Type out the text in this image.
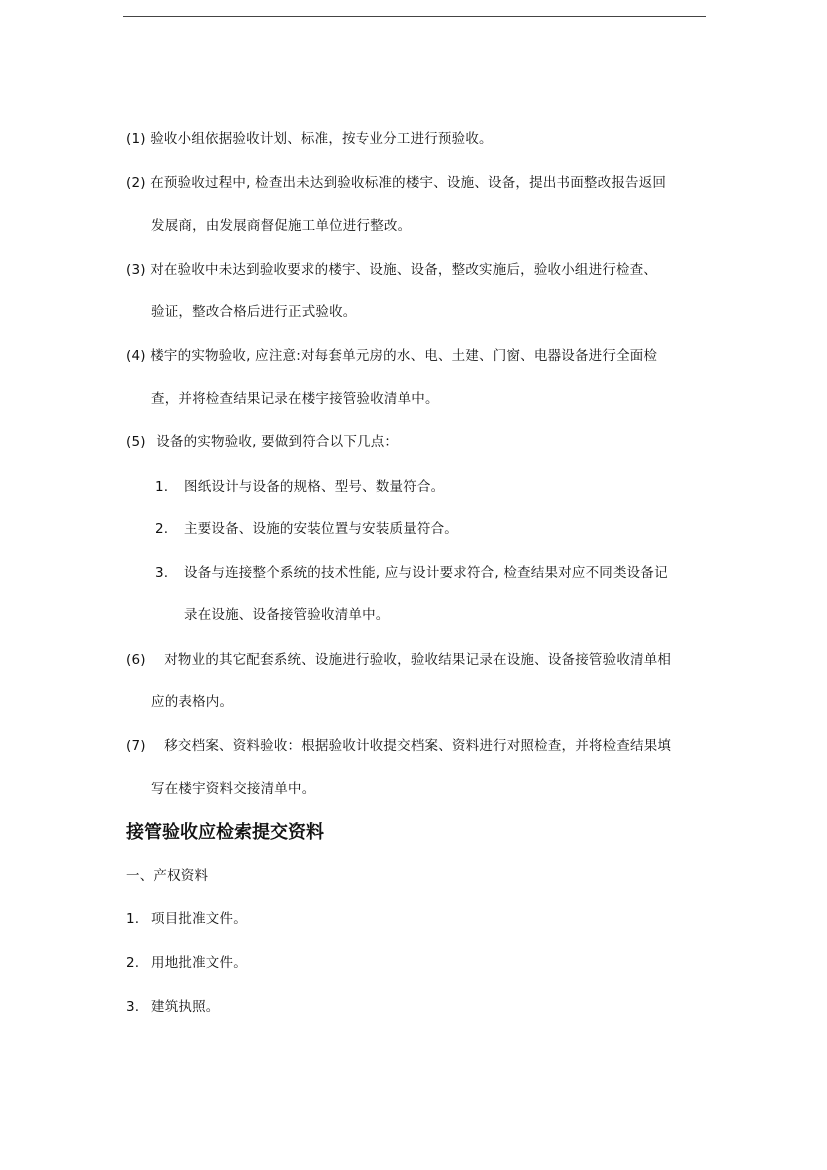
(1) 验收小组依据验收计划、标准，按专业分工进行预验收。
(2) 在预验收过程中, 检查出未达到验收标准的楼宇、设施、设备，提出书面整改报告返回
发展商，由发展商督促施工单位进行整改。
(3) 对在验收中未达到验收要求的楼宇、设施、设备，整改实施后，验收小组进行检查、
验证，整改合格后进行正式验收。
(4) 楼宇的实物验收, 应注意:对每套单元房的水、电、土建、门窗、电器设备进行全面检
查，并将检查结果记录在楼宇接管验收清单中。
(5) 设备的实物验收, 要做到符合以下几点：
1. 图纸设计与设备的规格、型号、数量符合。
2. 主要设备、设施的安装位置与安装质量符合。
3. 设备与连接整个系统的技术性能, 应与设计要求符合, 检查结果对应不同类设备记
录在设施、设备接管验收清单中。
(6) 对物业的其它配套系统、设施进行验收，验收结果记录在设施、设备接管验收清单相
应的表格内。
(7) 移交档案、资料验收：根据验收计收提交档案、资料进行对照检查，并将检查结果填
写在楼宇资料交接清单中。
接管验收应检索提交资料
一、产权资料
1. 项目批准文件。
2. 用地批准文件。
3. 建筑执照。
